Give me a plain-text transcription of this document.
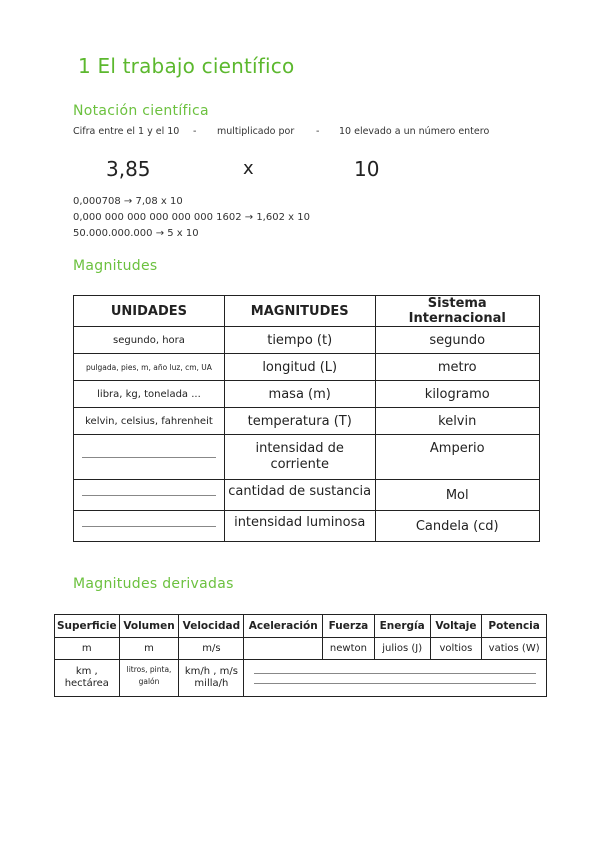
1 El trabajo científico
Notación científica
Cifra entre el 1 y el 10 - multiplicado por - 10 elevado a un número entero
3,85	x	10
0,000708 → 7,08 x 10
0,000 000 000 000 000 000 1602 → 1,602 x 10
50.000.000.000 → 5 x 10
Magnitudes
UNIDADES	MAGNITUDES	Sistema Internacional
segundo, hora	tiempo (t)	segundo
pulgada, pies, m, año luz, cm, UA	longitud (L)	metro
libra, kg, tonelada ...	masa (m)	kilogramo
kelvin, celsius, fahrenheit	temperatura (T)	kelvin

	intensidad de corriente	Amperio

	cantidad de sustancia	Mol

	intensidad luminosa	Candela (cd)
Magnitudes derivadas
Superficie	Volumen	Velocidad	Aceleración	Fuerza	Energía	Voltaje	Potencia
m	m	m/s		newton	julios (J)	voltios	vatios (W)
km , hectárea	litros, pinta, galón	km/h , m/s milla/h					
